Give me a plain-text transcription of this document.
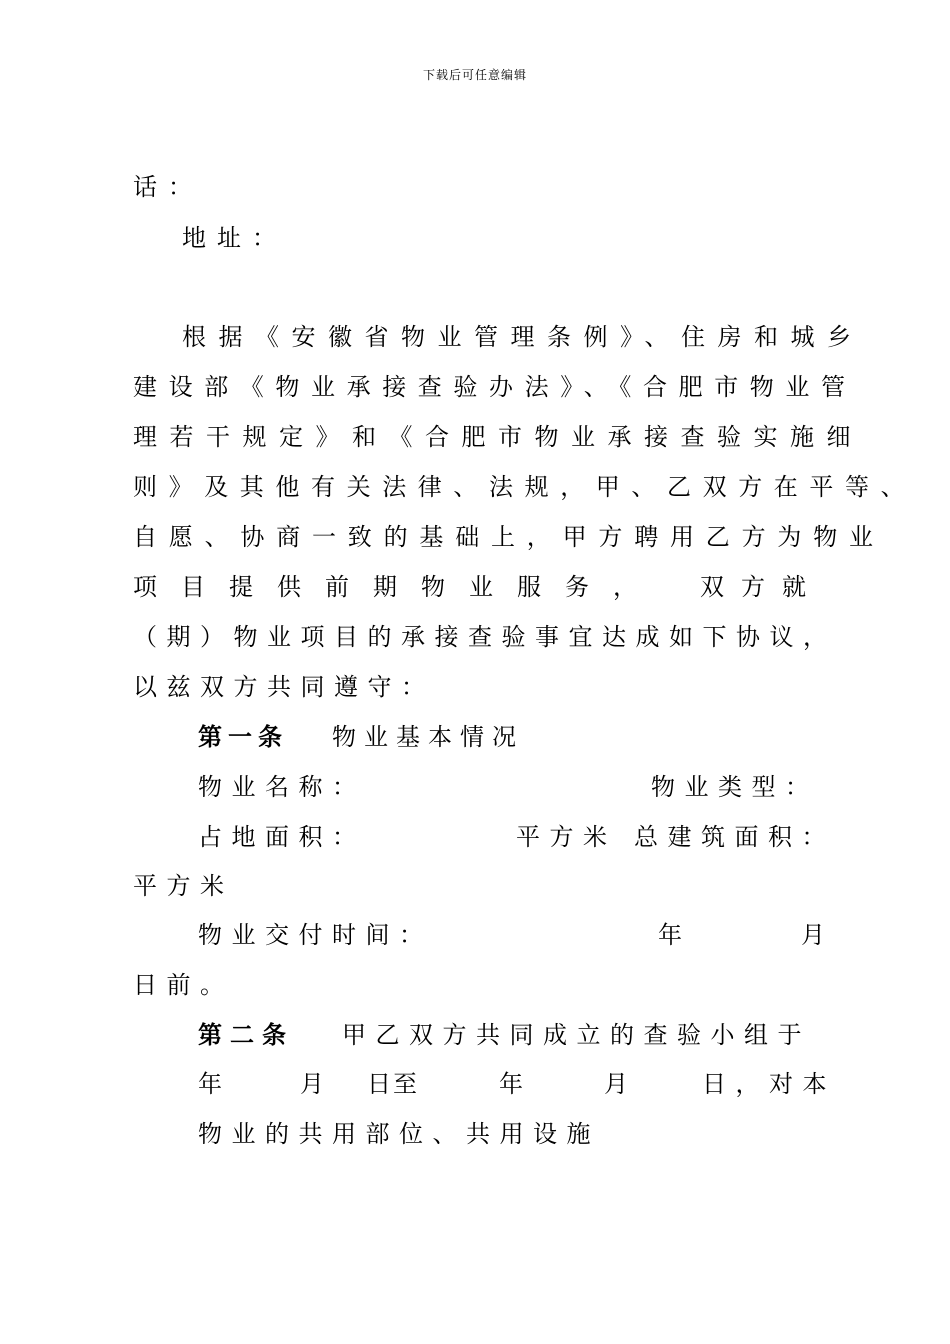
下载后可任意编辑
话：
地址：
根据《安徽省物业管理条例》、住房和城乡
建设部《物业承接查验办法》、《合肥市物业管
理若干规定》和《合肥市物业承接查验实施细
则》及其他有关法律、法规，甲、乙双方在平等、
自愿、协商一致的基础上，甲方聘用乙方为物业
项目提供前期物业服务， 双方就
（期）物业项目的承接查验事宜达成如下协议，
以兹双方共同遵守：
第一条 物业基本情况
物业名称：	物业类型：
占地面积：	平方米 总建筑面积：
平方米
物业交付时间：	年	月
日前。
第二条 甲乙双方共同成立的查验小组于
年	月 日至	年	月	日，对本
物业的共用部位、共用设施
